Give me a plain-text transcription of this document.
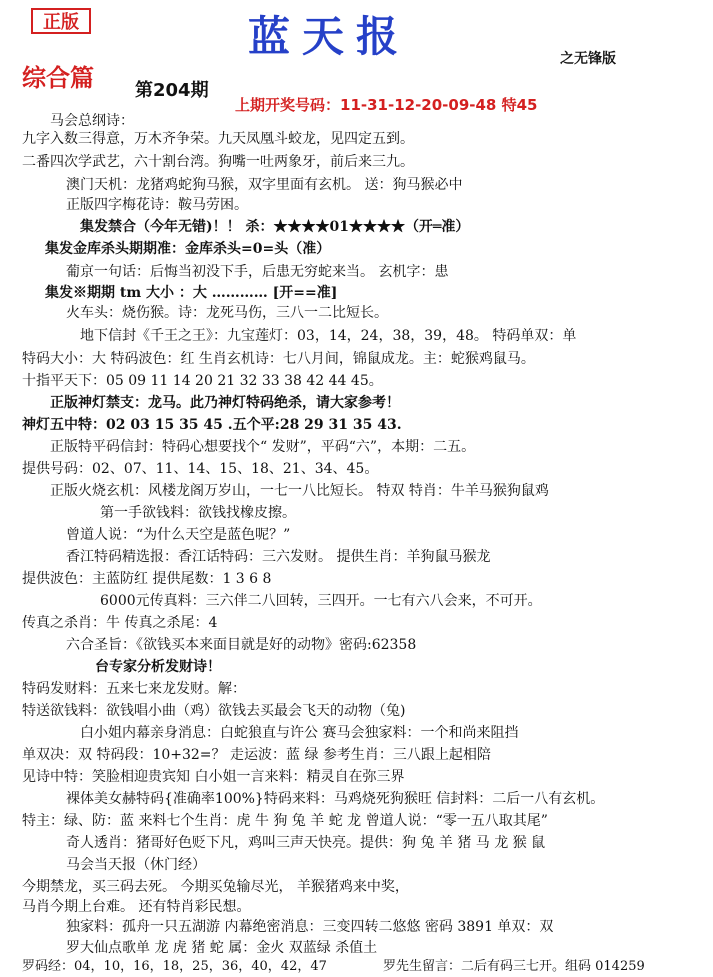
正版	蓝天报	之无锋版
综合篇 第204期
上期开奖号码：11-31-12-20-09-48 特45
马会总纲诗：
九字入数三得意，万木齐争荣。九天凤凰斗蛟龙，见四定五到。
二番四次学武艺，六十割台湾。狗嘴一吐两象牙，前后来三九。
澳门天机：龙猪鸡蛇狗马猴，双字里面有玄机。 送：狗马猴必中
正版四字梅花诗：鞍马劳困。
集发禁合（今年无错)！！ 杀：★★★★01★★★★（开═准）
集发金库杀头期期准：金库杀头=0=头（准）
葡京一句话：后悔当初没下手，后患无穷蛇来当。 玄机字：患
集发※期期 tm 大小 ：大 ………… [开==准]
火车头：烧伤猴。诗：龙死马伤，三八一二比短长。
地下信封《千王之王》：九宝莲灯：03，14，24，38，39，48。 特码单双：单
特码大小：大 特码波色：红 生肖玄机诗：七八月间，锦鼠成龙。主：蛇猴鸡鼠马。
十指平天下：05 09 11 14 20 21 32 33 38 42 44 45。
正版神灯禁支：龙马。此乃神灯特码绝杀，请大家参考！
神灯五中特：02 03 15 35 45 .五个平:28 29 31 35 43.
正版特平码信封：特码心想要找个“ 发财”，平码“六”，本期：二五。
提供号码：02、07、11、14、15、18、21、34、45。
正版火烧玄机：风楼龙阁万岁山，一七一八比短长。 特双 特肖：牛羊马猴狗鼠鸡
第一手欲钱料：欲钱找橡皮擦。
曾道人说：“为什么天空是蓝色呢？”
香江特码精选报：香江话特码：三六发财。 提供生肖：羊狗鼠马猴龙
提供波色：主蓝防红 提供尾数：1 3 6 8
6000元传真料：三六伴二八回转，三四开。一七有六八会来，不可开。
传真之杀肖：牛 传真之杀尾：4
六合圣旨：《欲钱买本来面目就是好的动物》密码:62358
台专家分析发财诗！
特码发财料：五来七来龙发财。解：
特送欲钱料：欲钱唱小曲（鸡）欲钱去买最会飞天的动物（兔)
白小姐内幕亲身消息：白蛇狼直与许公 赛马会独家料：一个和尚来阻挡
单双决：双 特码段：10+32=？ 走运波：蓝 绿 参考生肖：三八跟上起相陪
见诗中特：笑脸相迎贵宾知 白小姐一言来料：精灵自在弥三界
裸体美女赫特码{准确率100%}特码来料：马鸡烧死狗猴旺 信封料：二后一八有玄机。
特主：绿、防：蓝 来料七个生肖：虎 牛 狗 兔 羊 蛇 龙 曾道人说：“零一五八取其尾”
奇人透肖：猪哥好色贬下凡，鸡叫三声天快亮。提供：狗 兔 羊 猪 马 龙 猴 鼠
马会当天报（休门经）
今期禁龙，买三码去死。 今期买兔输尽光， 羊猴猪鸡来中奖，
马肖今期上台难。 还有特肖彩民想。
独家料：孤舟一只五湖游 内幕绝密消息：三变四转二悠悠 密码 3891 单双：双
罗大仙点歌单 龙 虎 猪 蛇 属：金火 双蓝绿 杀值土
罗码经：04，10，16，18，25，36，40，42，47	罗先生留言：二后有码三七开。组码 014259
